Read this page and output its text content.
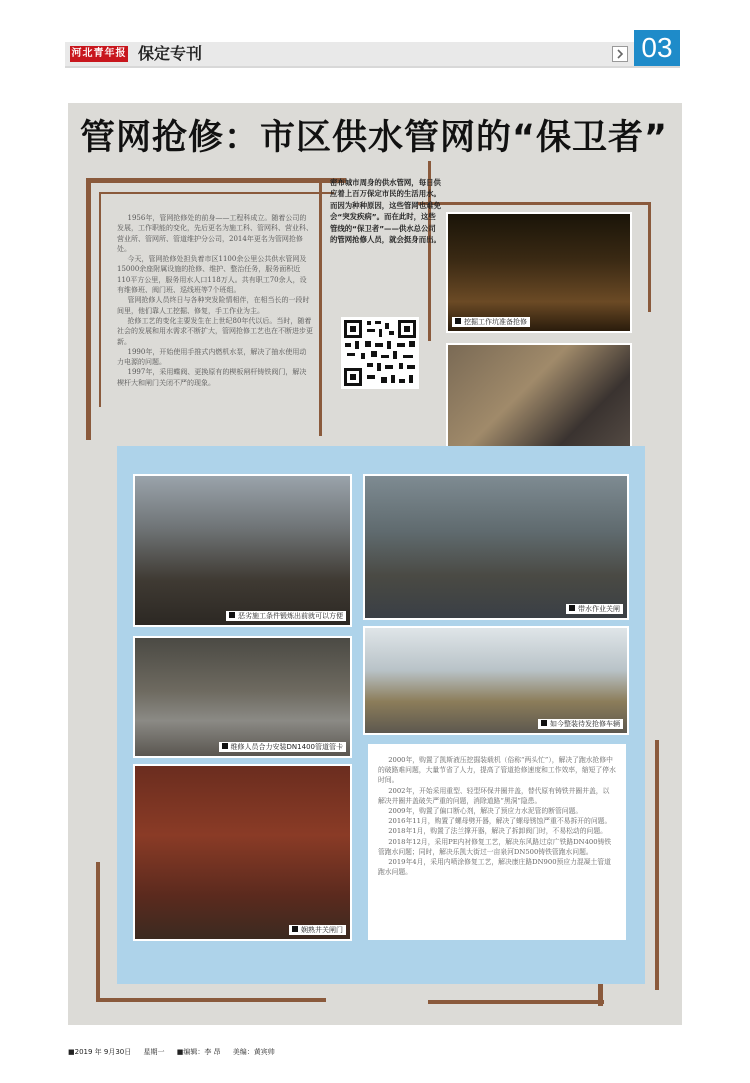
河北青年报 保定专刊	03
管网抢修：市区供水管网的“保卫者”

1956年，管网抢修处的前身——工程科成立。随着公司的发展，工作职能的变化，先后更名为施工科、管网科、营业科、营业所、管网所、管道维护分公司，2014年更名为管网抢修处。

今天，管网抢修处担负着市区1100余公里公共供水管网及15000余座附属设施的抢修、维护、整治任务，服务面积近110平方公里，服务用水人口118万人。共有职工70余人，设有维修班、阀门班、巡线班等7个班组。

管网抢修人员终日与各种突发险情相伴，在相当长的一段时间里，他们靠人工挖掘、修复，手工作业为主。

抢修工艺的变化主要发生在上世纪80年代以后。当时，随着社会的发展和用水需求不断扩大，管网抢修工艺也在不断进步更新。

1990年，开始使用手推式内燃机水泵，解决了抽水使用动力电源的问题。

1997年，采用蝶阀、更换原有的楔板闸杆铸铁阀门，解决楔杆大和闸门关闭不严的现象。

密布城市周身的供水管网，每日供应着上百万保定市民的生活用水。而因为种种原因，这些管网也难免会“突发疾病”。而在此时，这些管线的“保卫者”——供水总公司的管网抢修人员，就会挺身而出。
挖掘工作坑准备抢修
恶劣施工条件锻炼出前就可以方便
带水作业关闸
维修人员合力安装DN1400管道管卡
如今整装待发抢修车辆
娴熟井关闸门

2000年，购置了凯斯液压挖掘装载机（俗称“两头忙”），解决了跑水抢修中的破路难问题，大量节省了人力，提高了管道抢修速度和工作效率，缩短了停水时间。

2002年，开始采用重型、轻型环保井圈井盖，替代原有铸铁井圈井盖，以解决井圈井盖破失严重的问题，消除道路“黑洞”隐患。

2009年，购置了偏口断心剂，解决了预应力水泥管的断管问题。

2016年11月，购置了螺母劈开器，解决了螺母锈蚀严重不易拆开的问题。

2018年1月，购置了法兰撑开器，解决了拆卸阀门时，不易松动的问题。

2018年12月，采用PE内衬修复工艺，解决东风路过京广铁路DN400铸铁管跑水问题；同时，解决乐凯大街过一亩泉河DN500铸铁管跑水问题。

2019年4月，采用内喷涂修复工艺，解决康庄路DN900预应力混凝土管道跑水问题。

■2019 年 9月30日 星期一 ■编辑：李 昂 美编：黄宾帅
